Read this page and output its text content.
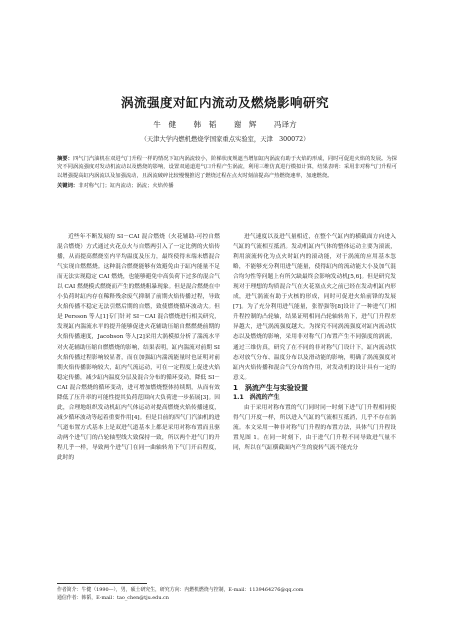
涡流强度对缸内流动及燃烧影响研究
牛　健 韩　韬 谢　辉 冯译方
（天津大学内燃机燃烧学国家重点实验室，天津　300072）
摘要：四气门汽油机在双进气门升程一样的情况下缸内涡流较小，阶梯状度规遮当增加缸内涡流有助于火焰的形成，同时可促进火焰的发展。为探究不同涡流强度对发动机流动以及燃烧的影响，设置双通道进气口升程产生涡流，利用三维仿真进行模拟计算，结果表明：采用非对称气门升程可以增强提高缸内涡流以及加强流动，且涡流破碎比较慢慢推迟了燃烧过程在点火时刻前提高产热燃烧速率，加速燃烧。
关键词：非对称气门；缸内流动；涡流；火焰传播

近些年不断发展的 SI－CAI 混合燃烧（火花辅助-可控自燃混合燃烧）方式通过火花点火与自燃两引入了一定比例的火焰传播，从而提高燃烧室内平均温度及压力，最终使得末端未燃混合气实现自燃燃烧。这种混合燃烧能够有效避免由于缸内能量不足而无法实现稳定 CAI 燃烧，也能够避免中高负荷下过多的混合气以 CAI 燃烧模式燃烧而产生的燃烧粗暴现象。但是混合燃烧在中小负荷时缸内存在稀释残余废气抑制了前期火焰传播过程，导致火焰传播不稳定无法引燃后期的自燃，致使燃烧循环波动大。但是 Persson 等人[1]专门针对 SI－CAI 混合燃烧进行相关研究，发现缸内湍流水平的提升能够促进火花辅助压缩自燃燃烧前期的火焰传播速度，Jacobson 等人[2]采用大涡模拟分析了湍流水平对火花辅助压缩自燃燃烧的影响，结果表明，缸内湍流对前期 SI 火焰传播过程影响较显著，而在加强缸内湍流能量时也证明对前期火焰传播影响较大，缸内气流运动，可在一定程度上促进火焰稳定传播，减少缸内温度分层及混合分布的循环变动，降低 SI－CAI 混合燃烧的循环变动，进可增加燃烧整体持续期，从而有效降低了压升率的可能性提其负荷范围向大负荷进一步拓展[3]。因此，合理地组织发动机缸内气体运动对提高燃烧火焰传播速度，减少循环波动等起着重要作用[4]。但是目前的四气门汽油机的进气道布置方式基本上是双进气道基本上都是采用对称布置而且驱动两个进气门的凸轮轴型线大致保持一致，所以两个进气门的升程几乎一样，导致两个进气门在同一曲轴转角下气门开启程度，此时的

进气速度以及进气量相近，在整个气缸内的横截面方向进入气缸的气流相互抵消。发动机缸内气体的整体运动主要为滚流，利用滚流转化为点火时缸内的滚动能，对于涡流的应用基本忽略，不能够充分利用进气能量，使得缸内的流动能大小及加气混合均匀性等问题上有所欠缺最终会影响发动机[5,6]。但是研究发现对于理想的均质混合气在火花塞点火之前已经在发动机缸内形成，进气涡流有助于火核的形成，同时可促进火焰前锋的发展[7]。为了充分利用进气能量，张智强等[8]设计了一种进气门相升程控制的凸轮轴，结果证明相同凸轮轴转角下，进气门升程差异越大，进气涡流强度越大。为探究不同涡流强度对缸内流动状态以及燃烧的影响，采用非对称气门布置产生不同强度的涡流，通过三维仿真，研究了在不同的非对称气门设计下，缸内流动状态对放气分布、温度分布以及滑动能的影响，明确了涡流强度对缸内火焰传播和混合气分布的作用，对发动机的设计具有一定的意义。

1　涡流产生与实验设置

1.1　涡流的产生

由于采用对称布置的气门同时同一时刻下进气门升程相同使得气门开度一样，所以进入气缸的气流相互抵消，几乎不存在涡流。本文采用一种非对称气门升程的布置方法，具体气门升程设置见图 1。在同一时刻下，由于进气门升程不同导致进气量不同，所以在气缸横截面内产生的旋转气流不能充分

作者简介：牛健（1990—），男，硕士研究生，研究方向：内燃机燃烧与控制，E-mail：1139464276@qq.com
通信作者：韩韬，E-mail：tao_chen@tju.edu.cn
